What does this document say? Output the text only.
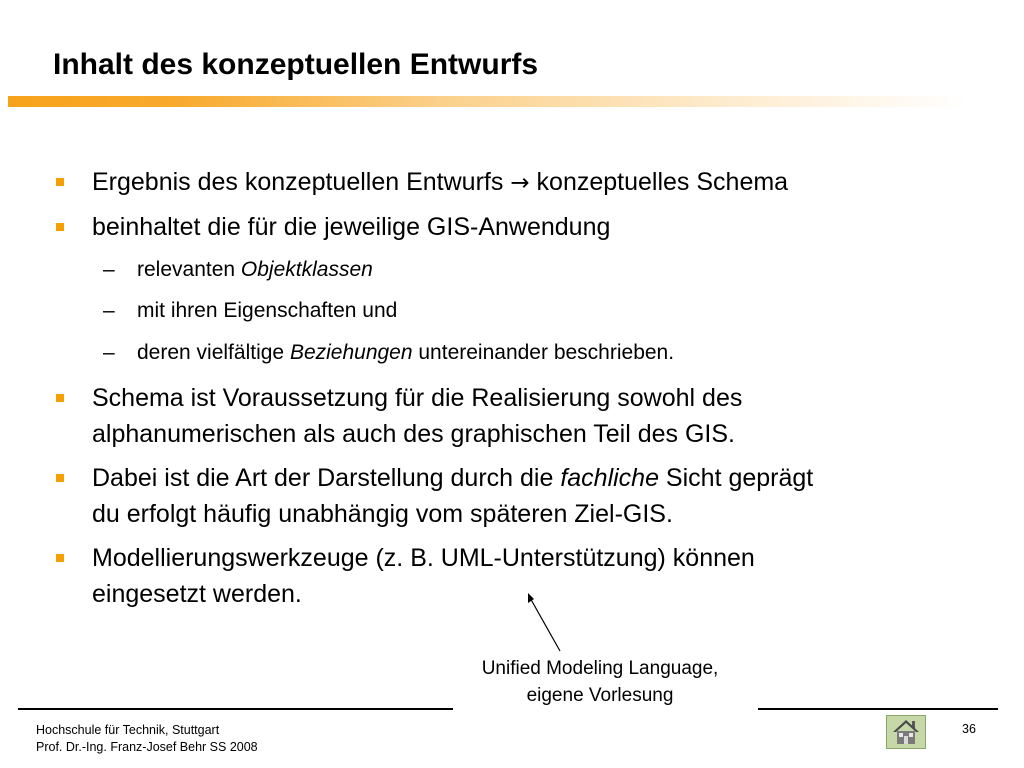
Inhalt des konzeptuellen Entwurfs
Ergebnis des konzeptuellen Entwurfs → konzeptuelles Schema
beinhaltet die für die jeweilige GIS-Anwendung
– relevanten Objektklassen
– mit ihren Eigenschaften und
– deren vielfältige Beziehungen untereinander beschrieben.
Schema ist Voraussetzung für die Realisierung sowohl des
alphanumerischen als auch des graphischen Teil des GIS.
Dabei ist die Art der Darstellung durch die fachliche Sicht geprägt
du erfolgt häufig unabhängig vom späteren Ziel-GIS.
Modellierungswerkzeuge (z. B. UML-Unterstützung) können
eingesetzt werden.
Unified Modeling Language,
eigene Vorlesung
Hochschule für Technik, Stuttgart
Prof. Dr.-Ing. Franz-Josef Behr SS 2008
36
